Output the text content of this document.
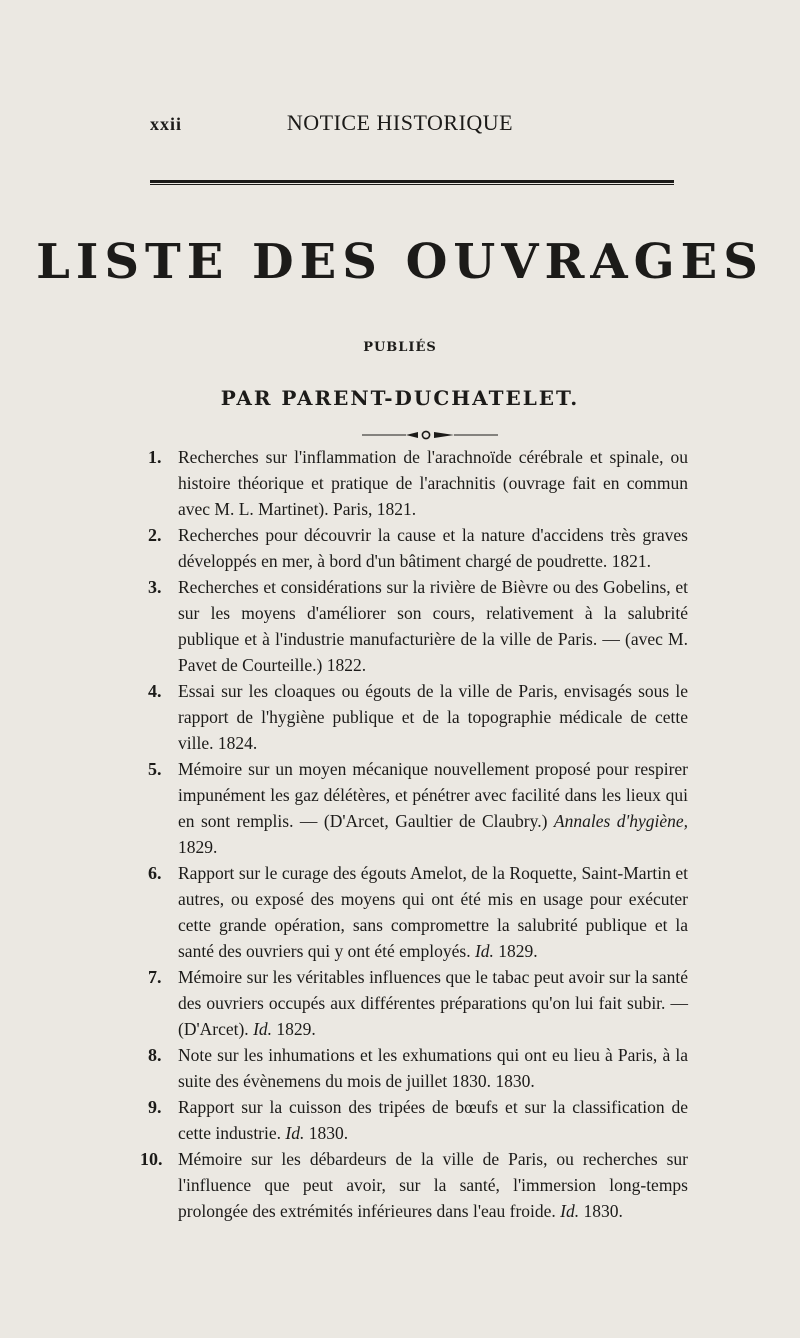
xxii	NOTICE HISTORIQUE
LISTE DES OUVRAGES
PUBLIÉS
PAR PARENT-DUCHATELET.
1. Recherches sur l'inflammation de l'arachnoïde cérébrale et spinale, ou histoire théorique et pratique de l'arachnitis (ouvrage fait en commun avec M. L. Martinet). Paris, 1821.
2. Recherches pour découvrir la cause et la nature d'accidens très graves développés en mer, à bord d'un bâtiment chargé de poudrette. 1821.
3. Recherches et considérations sur la rivière de Bièvre ou des Gobelins, et sur les moyens d'améliorer son cours, relativement à la salubrité publique et à l'industrie manufacturière de la ville de Paris. — (avec M. Pavet de Courteille.) 1822.
4. Essai sur les cloaques ou égouts de la ville de Paris, envisagés sous le rapport de l'hygiène publique et de la topographie médicale de cette ville. 1824.
5. Mémoire sur un moyen mécanique nouvellement proposé pour respirer impunément les gaz délétères, et pénétrer avec facilité dans les lieux qui en sont remplis. — (D'Arcet, Gaultier de Claubry.) Annales d'hygiène, 1829.
6. Rapport sur le curage des égouts Amelot, de la Roquette, Saint-Martin et autres, ou exposé des moyens qui ont été mis en usage pour exécuter cette grande opération, sans compromettre la salubrité publique et la santé des ouvriers qui y ont été employés. Id. 1829.
7. Mémoire sur les véritables influences que le tabac peut avoir sur la santé des ouvriers occupés aux différentes préparations qu'on lui fait subir. — (D'Arcet). Id. 1829.
8. Note sur les inhumations et les exhumations qui ont eu lieu à Paris, à la suite des évènemens du mois de juillet 1830. 1830.
9. Rapport sur la cuisson des tripées de bœufs et sur la classification de cette industrie. Id. 1830.
10. Mémoire sur les débardeurs de la ville de Paris, ou recherches sur l'influence que peut avoir, sur la santé, l'immersion long-temps prolongée des extrémités inférieures dans l'eau froide. Id. 1830.
